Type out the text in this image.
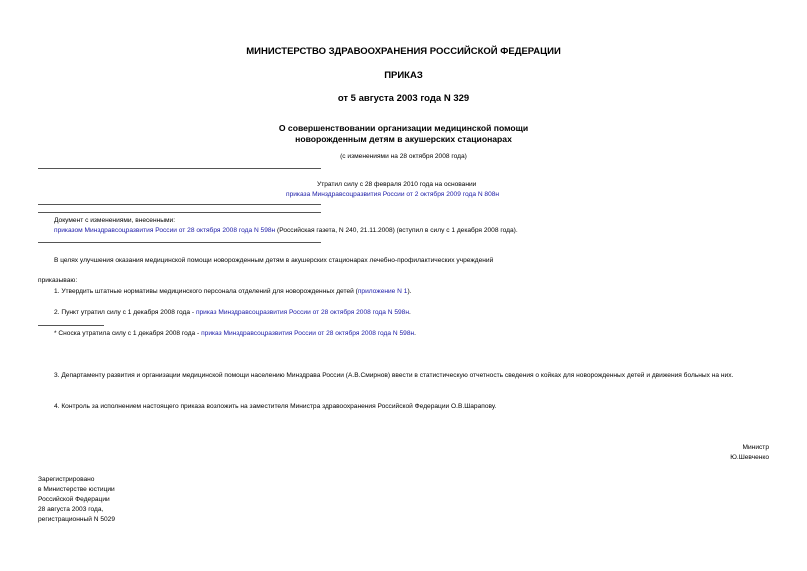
МИНИСТЕРСТВО ЗДРАВООХРАНЕНИЯ РОССИЙСКОЙ ФЕДЕРАЦИИ
ПРИКАЗ
от 5 августа 2003 года N 329
О совершенствовании организации медицинской помощи
новорожденным детям в акушерских стационарах
(с изменениями на 28 октября 2008 года)
Утратил силу с 28 февраля 2010 года на основании
приказа Минздравсоцразвития России от 2 октября 2009 года N 808н
Документ с изменениями, внесенными:
приказом Минздравсоцразвития России от 28 октября 2008 года N 598н (Российская газета, N 240, 21.11.2008) (вступил в силу с 1 декабря 2008 года).
В целях улучшения оказания медицинской помощи новорожденным детям в акушерских стационарах лечебно-профилактических учреждений
приказываю:
1. Утвердить штатные нормативы медицинского персонала отделений для новорожденных детей (приложение N 1).
2. Пункт утратил силу с 1 декабря 2008 года - приказ Минздравсоцразвития России от 28 октября 2008 года N 598н.
* Сноска утратила силу с 1 декабря 2008 года - приказ Минздравсоцразвития России от 28 октября 2008 года N 598н.
3. Департаменту развития и организации медицинской помощи населению Минздрава России (А.В.Смирнов) ввести в статистическую отчетность сведения о койках для новорожденных детей и движения больных на них.
4. Контроль за исполнением настоящего приказа возложить на заместителя Министра здравоохранения Российской Федерации О.В.Шарапову.
Министр
Ю.Шевченко
Зарегистрировано
в Министерстве юстиции
Российской Федерации
28 августа 2003 года,
регистрационный N 5029
